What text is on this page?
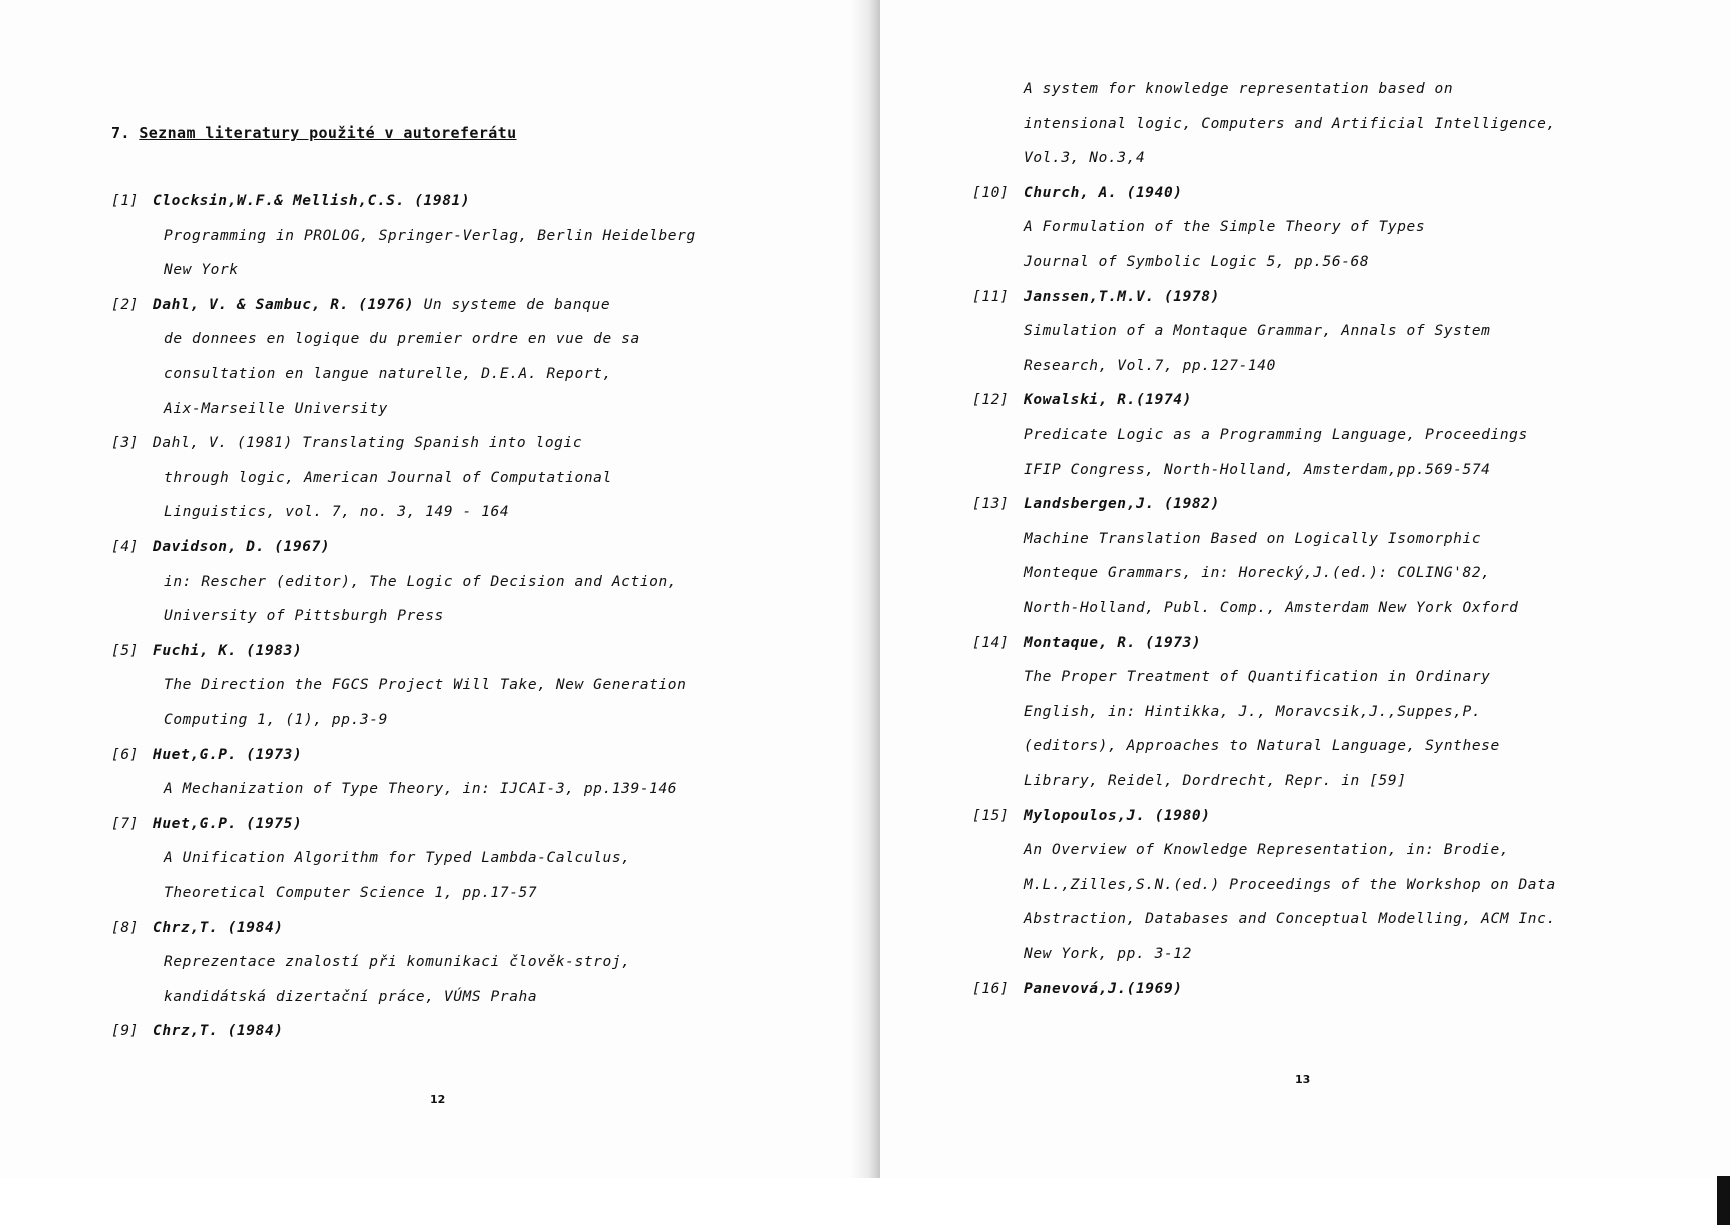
7. Seznam literatury použité v autoreferátu

[1] Clocksin,W.F.& Mellish,C.S. (1981)

Programming in PROLOG, Springer-Verlag, Berlin Heidelberg

New York

[2] Dahl, V. & Sambuc, R. (1976) Un systeme de banque

de donnees en logique du premier ordre en vue de sa

consultation en langue naturelle, D.E.A. Report,

Aix-Marseille University

[3] Dahl, V. (1981) Translating Spanish into logic

through logic, American Journal of Computational

Linguistics, vol. 7, no. 3, 149 - 164

[4] Davidson, D. (1967)

in: Rescher (editor), The Logic of Decision and Action,

University of Pittsburgh Press

[5] Fuchi, K. (1983)

The Direction the FGCS Project Will Take, New Generation

Computing 1, (1), pp.3-9

[6] Huet,G.P. (1973)

A Mechanization of Type Theory, in: IJCAI-3, pp.139-146

[7] Huet,G.P. (1975)

A Unification Algorithm for Typed Lambda-Calculus,

Theoretical Computer Science 1, pp.17-57

[8] Chrz,T. (1984)

Reprezentace znalostí při komunikaci člověk-stroj,

kandidátská dizertační práce, VÚMS Praha

[9] Chrz,T. (1984)

12

A system for knowledge representation based on

intensional logic, Computers and Artificial Intelligence,

Vol.3, No.3,4

[10] Church, A. (1940)

A Formulation of the Simple Theory of Types

Journal of Symbolic Logic 5, pp.56-68

[11] Janssen,T.M.V. (1978)

Simulation of a Montaque Grammar, Annals of System

Research, Vol.7, pp.127-140

[12] Kowalski, R.(1974)

Predicate Logic as a Programming Language, Proceedings

IFIP Congress, North-Holland, Amsterdam,pp.569-574

[13] Landsbergen,J. (1982)

Machine Translation Based on Logically Isomorphic

Monteque Grammars, in: Horecký,J.(ed.): COLING'82,

North-Holland, Publ. Comp., Amsterdam New York Oxford

[14] Montaque, R. (1973)

The Proper Treatment of Quantification in Ordinary

English, in: Hintikka, J., Moravcsik,J.,Suppes,P.

(editors), Approaches to Natural Language, Synthese

Library, Reidel, Dordrecht, Repr. in [59]

[15] Mylopoulos,J. (1980)

An Overview of Knowledge Representation, in: Brodie,

M.L.,Zilles,S.N.(ed.) Proceedings of the Workshop on Data

Abstraction, Databases and Conceptual Modelling, ACM Inc.

New York, pp. 3-12

[16] Panevová,J.(1969)

13
